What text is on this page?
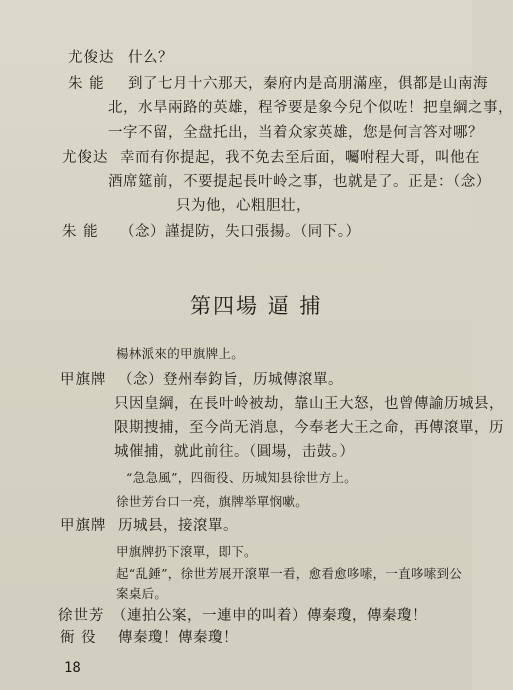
尤俊达 什么？
朱 能 到了七月十六那天，秦府内是高朋滿座，俱都是山南海
北，水旱兩路的英雄，程爷要是象今兒个似咗！把皇綱之事，
一字不留，全盘托出，当着众家英雄，您是何言答对哪？
尤俊达 幸而有你提起，我不免去至后面，囑咐程大哥，叫他在
酒席筵前，不要提起長叶岭之事，也就是了。正是：（念）
只为他，心粗胆壮，
朱 能 （念）謹提防，失口張揚。（同下。）
第四場 逼 捕
楊林派來的甲旗牌上。
甲旗牌 （念）登州奉鈞旨，历城傳滾單。
只因皇綱，在長叶岭被劫，靠山王大怒，也曾傳諭历城县，
限期捜捕，至今尚无消息，今奉老大王之命，再傳滾單，历
城催捕，就此前往。（圓場，击鼓。）
“急急風”，四衙役、历城知县徐世方上。
徐世芳台口一亮，旗牌举單悯嗽。
甲旗牌 历城县，接滾單。
甲旗牌扔下滾單，即下。
起“乱錘”，徐世芳展开滾單一看，愈看愈哆嗦，一直哆嗦到公
案桌后。
徐世芳 （連拍公案，一連申的叫着）傳秦瓊，傳秦瓊！
衙 役 傳秦瓊！傳秦瓊！
18
